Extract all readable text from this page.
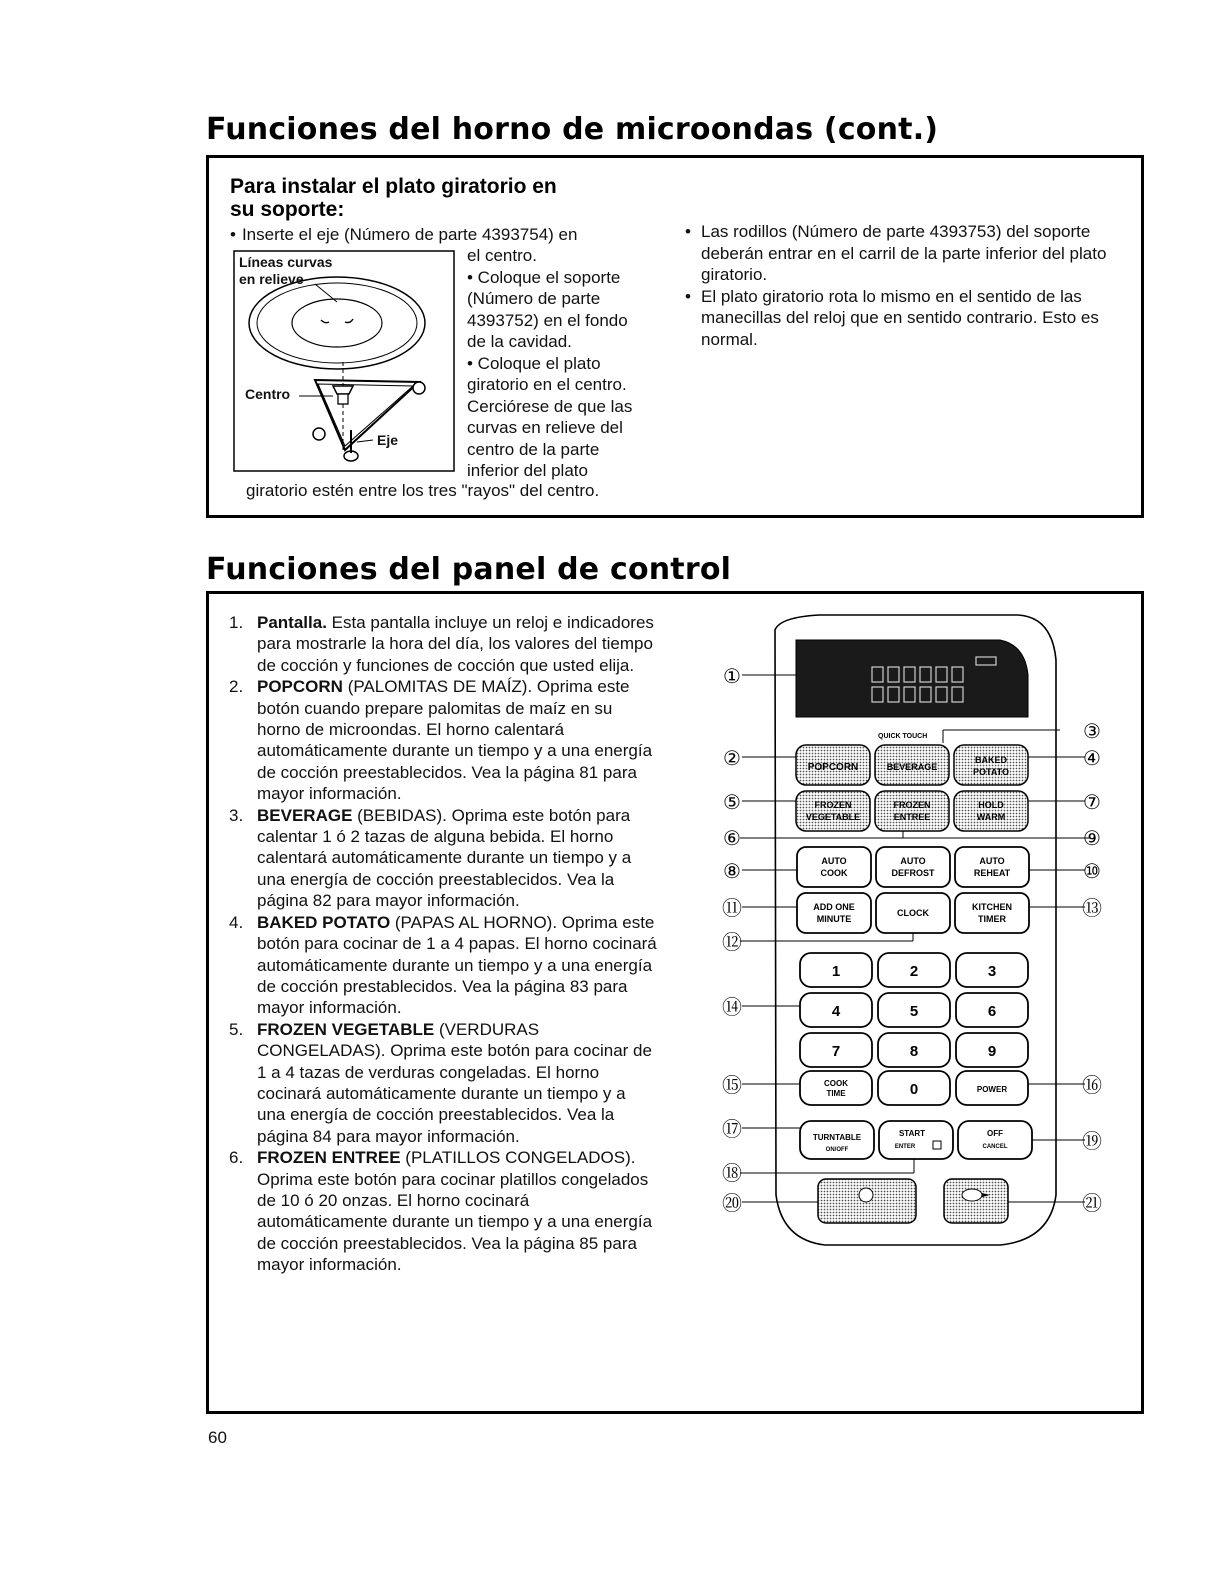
Funciones del horno de microondas (cont.)
Para instalar el plato giratorio en
su soporte:
• Inserte el eje (Número de parte 4393754) en
Líneas curvas
en relieve
Centro
Eje
el centro.
• Coloque el soporte
(Número de parte
4393752) en el fondo
de la cavidad.
• Coloque el plato
giratorio en el centro.
Cerciórese de que las
curvas en relieve del
centro de la parte
inferior del plato
giratorio estén entre los tres "rayos" del centro.
• Las rodillos (Número de parte 4393753) del soporte deberán entrar en el carril de la parte inferior del plato giratorio.
• El plato giratorio rota lo mismo en el sentido de las manecillas del reloj que en sentido contrario. Esto es normal.
Funciones del panel de control
1. Pantalla. Esta pantalla incluye un reloj e indicadores para mostrarle la hora del día, los valores del tiempo de cocción y funciones de cocción que usted elija.
2. POPCORN (PALOMITAS DE MAÍZ). Oprima este botón cuando prepare palomitas de maíz en su horno de microondas. El horno calentará automáticamente durante un tiempo y a una energía de cocción preestablecidos. Vea la página 81 para mayor información.
3. BEVERAGE (BEBIDAS). Oprima este botón para calentar 1 ó 2 tazas de alguna bebida. El horno calentará automáticamente durante un tiempo y a una energía de cocción preestablecidos. Vea la página 82 para mayor información.
4. BAKED POTATO (PAPAS AL HORNO). Oprima este botón para cocinar de 1 a 4 papas. El horno cocinará automáticamente durante un tiempo y a una energía de cocción prestablecidos. Vea la página 83 para mayor información.
5. FROZEN VEGETABLE (VERDURAS CONGELADAS). Oprima este botón para cocinar de 1 a 4 tazas de verduras congeladas. El horno cocinará automáticamente durante un tiempo y a una energía de cocción preestablecidos. Vea la página 84 para mayor información.
6. FROZEN ENTREE (PLATILLOS CONGELADOS). Oprima este botón para cocinar platillos congelados de 10 ó 20 onzas. El horno cocinará automáticamente durante un tiempo y a una energía de cocción preestablecidos. Vea la página 85 para mayor información.
QUICK TOUCH
POPCORN	BEVERAGE
BAKED
POTATO
FROZEN
VEGETABLE
FROZEN
ENTREE
HOLD
WARM
AUTO
COOK
AUTO
DEFROST
AUTO
REHEAT
ADD ONE
MINUTE
CLOCK
KITCHEN
TIMER
1	2	3
4	5	6
7	8	9
0
COOK
TIME	POWER
TURNTABLE
ON/OFF
START
ENTER
OFF
CANCEL
①
②
③
④
⑤
⑥
⑦
⑧
⑨
⑩
⑪
⑫
⑬
⑭
⑮	⑯
⑰
⑱
⑲
⑳	㉑
60
